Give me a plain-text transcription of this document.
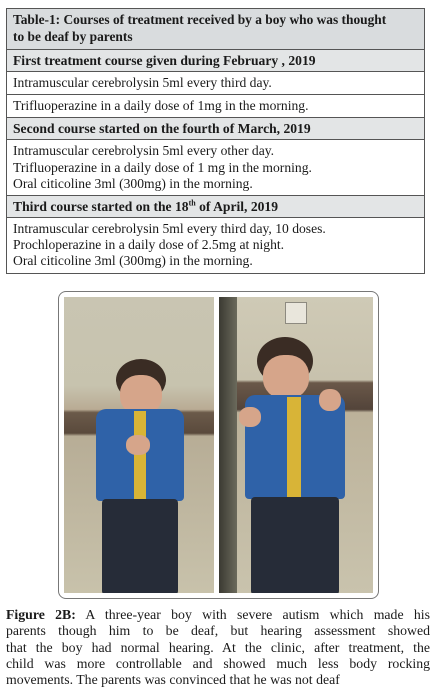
Table-1: Courses of treatment received by a boy who was thought
to be deaf by parents
First treatment course given during February , 2019
Intramuscular cerebrolysin 5ml every third day.
Trifluoperazine in a daily dose of 1mg in the morning.
Second course started on the fourth of March, 2019
Intramuscular cerebrolysin 5ml every other day.
Trifluoperazine in a daily dose of 1 mg in the morning.
Oral citicoline 3ml (300mg) in the morning.
Third course started on the 18th of April, 2019
Intramuscular cerebrolysin 5ml every third day, 10 doses.
Prochloperazine in a daily dose of 2.5mg at night.
Oral citicoline 3ml (300mg) in the morning.

Figure 2B: A three-year boy with severe autism which made his
parents though him to be deaf, but hearing assessment showed
that the boy had normal hearing. At the clinic, after treatment, the
child was more controllable and showed much less body rocking
movements. The parents was convinced that he was not deaf
